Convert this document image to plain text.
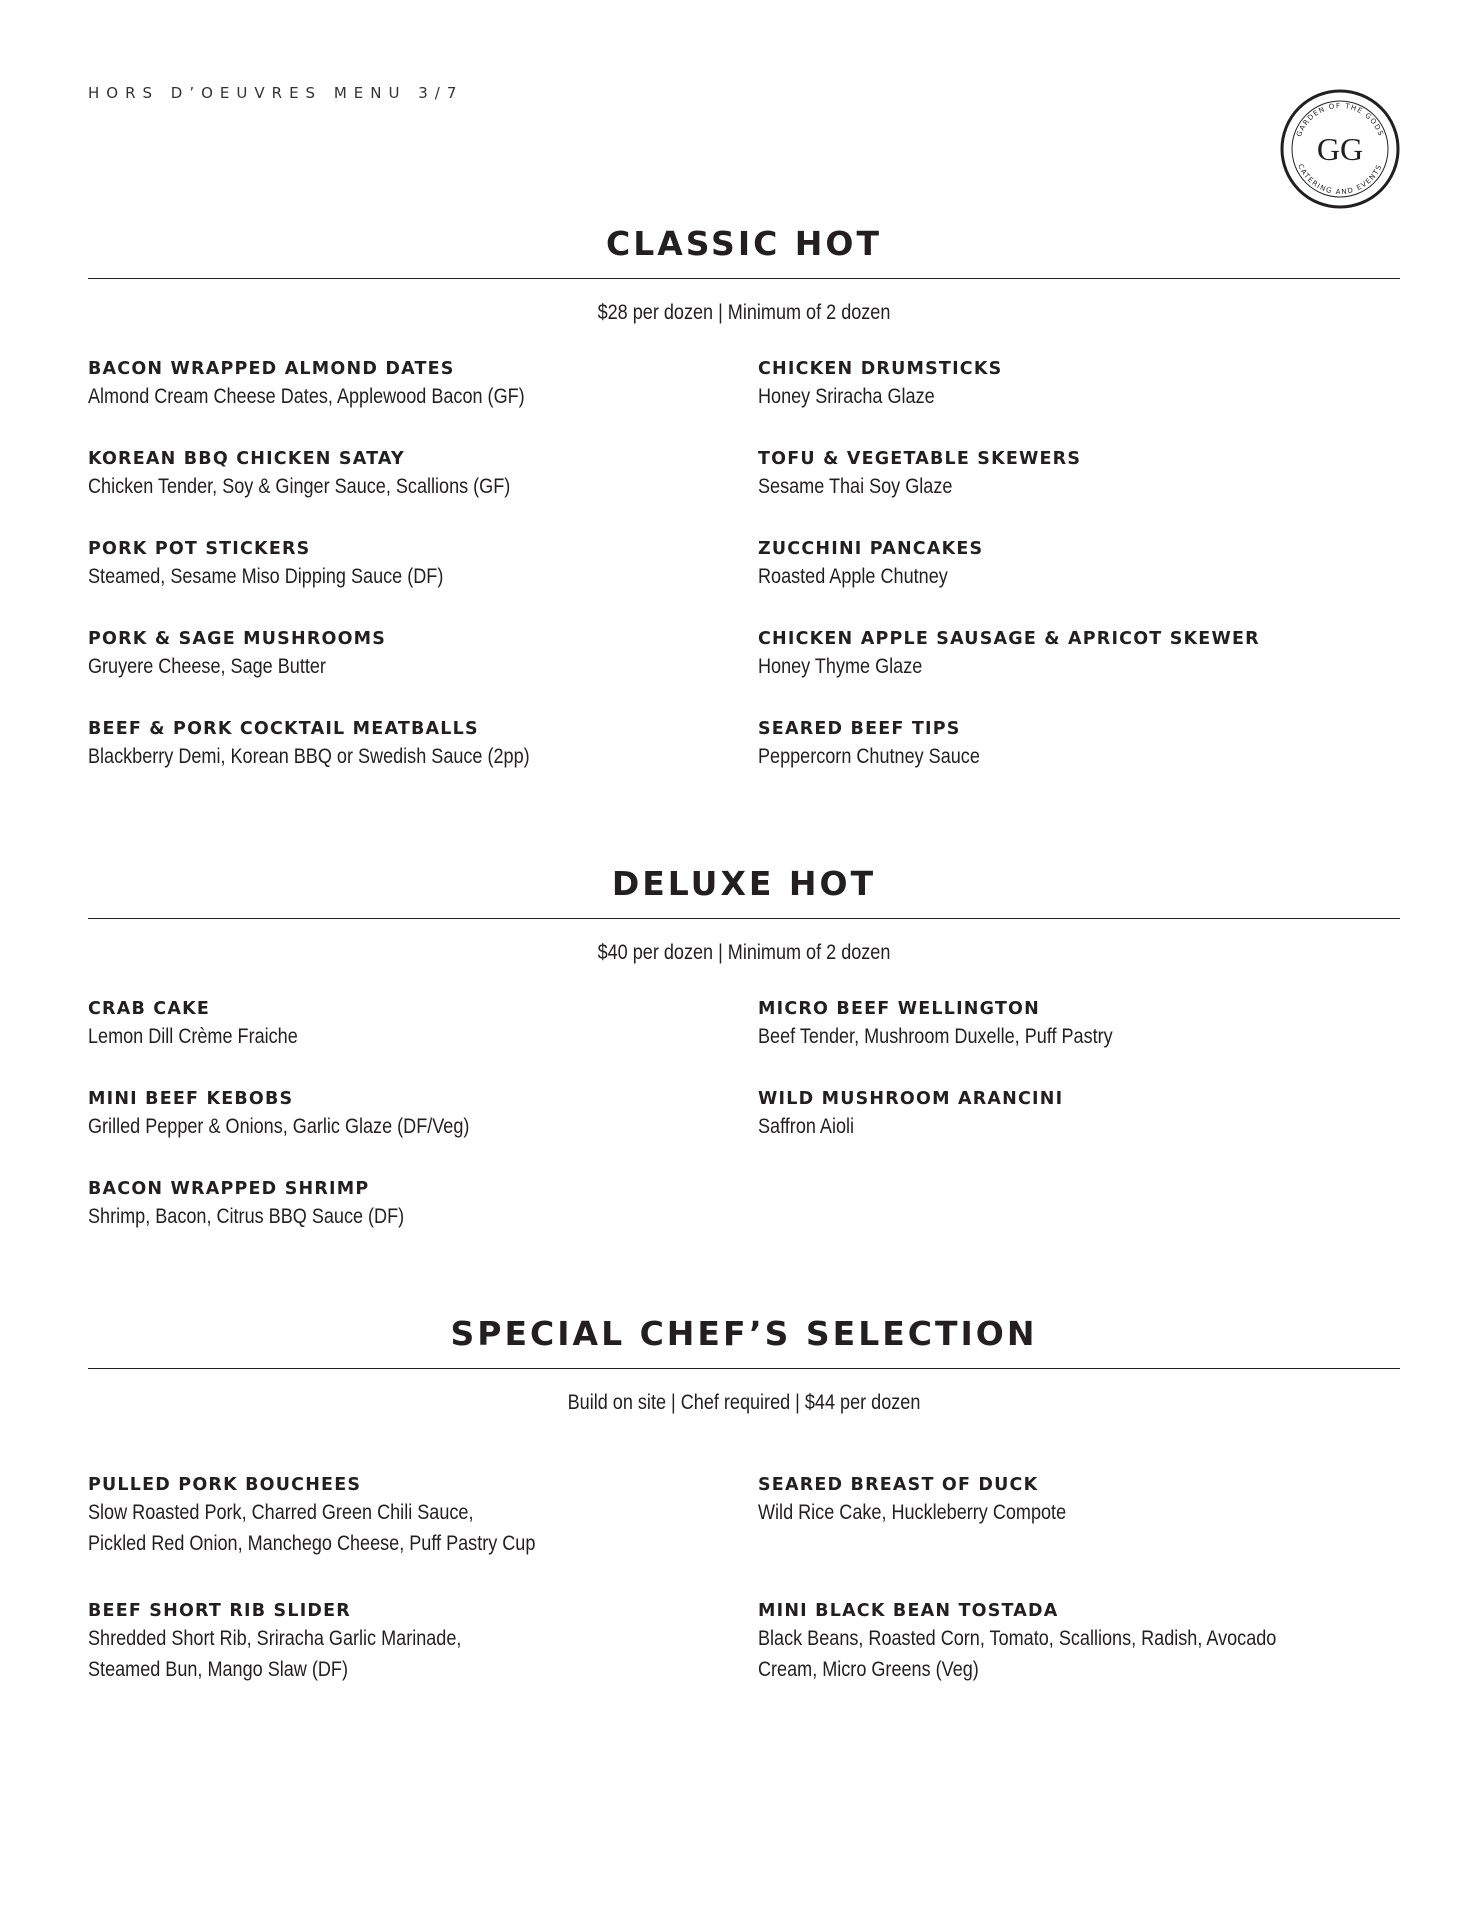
HORS D’OEUVRES MENU 3/7
GARDEN OF THE GODS
CATERING AND EVENTS
GG
CLASSIC HOT
$28 per dozen | Minimum of 2 dozen
BACON WRAPPED ALMOND DATES
Almond Cream Cheese Dates, Applewood Bacon (GF)
CHICKEN DRUMSTICKS
Honey Sriracha Glaze
KOREAN BBQ CHICKEN SATAY
Chicken Tender, Soy & Ginger Sauce, Scallions (GF)
TOFU & VEGETABLE SKEWERS
Sesame Thai Soy Glaze
PORK POT STICKERS
Steamed, Sesame Miso Dipping Sauce (DF)
ZUCCHINI PANCAKES
Roasted Apple Chutney
PORK & SAGE MUSHROOMS
Gruyere Cheese, Sage Butter
CHICKEN APPLE SAUSAGE & APRICOT SKEWER
Honey Thyme Glaze
BEEF & PORK COCKTAIL MEATBALLS
Blackberry Demi, Korean BBQ or Swedish Sauce (2pp)
SEARED BEEF TIPS
Peppercorn Chutney Sauce
DELUXE HOT
$40 per dozen | Minimum of 2 dozen
CRAB CAKE
Lemon Dill Crème Fraiche
MICRO BEEF WELLINGTON
Beef Tender, Mushroom Duxelle, Puff Pastry
MINI BEEF KEBOBS
Grilled Pepper & Onions, Garlic Glaze (DF/Veg)
WILD MUSHROOM ARANCINI
Saffron Aioli
BACON WRAPPED SHRIMP
Shrimp, Bacon, Citrus BBQ Sauce (DF)
SPECIAL CHEF’S SELECTION
Build on site | Chef required | $44 per dozen
PULLED PORK BOUCHEES
Slow Roasted Pork, Charred Green Chili Sauce,
Pickled Red Onion, Manchego Cheese, Puff Pastry Cup
SEARED BREAST OF DUCK
Wild Rice Cake, Huckleberry Compote
BEEF SHORT RIB SLIDER
Shredded Short Rib, Sriracha Garlic Marinade,
Steamed Bun, Mango Slaw (DF)
MINI BLACK BEAN TOSTADA
Black Beans, Roasted Corn, Tomato, Scallions, Radish, Avocado
Cream, Micro Greens (Veg)
